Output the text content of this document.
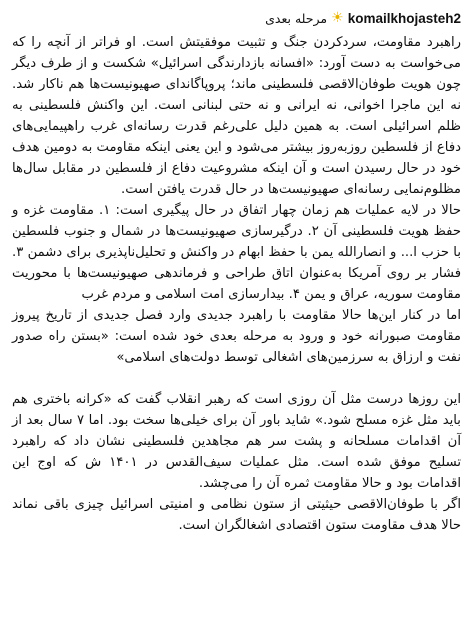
مرحله بعدی ☀ komailkhojasteh2

راهبرد مقاومت، سردکردن جنگ و تثبیت موفقیتش است. او فراتر از آنچه را که می‌خواست به دست آورد: «افسانه بازدارندگی اسرائیل» شکست و از طرف دیگر چون هویت طوفان‌الاقصی فلسطینی ماند؛ پروپاگاندای صهیونیست‌ها هم ناکار شد. نه این ماجرا اخوانی، نه ایرانی و نه حتی لبنانی است. این واکنش فلسطینی به ظلم اسرائیلی است. به همین دلیل علی‌رغم قدرت رسانه‌ای غرب راهپیمایی‌های دفاع از فلسطین روزبه‌روز بیشتر می‌شود و این یعنی اینکه مقاومت به دومین هدف خود در حال رسیدن است و آن اینکه مشروعیت دفاع از فلسطین در مقابل سال‌ها مظلوم‌نمایی رسانه‌ای صهیونیست‌ها در حال قدرت یافتن است.

حالا در لایه عملیات هم زمان چهار اتفاق در حال پیگیری است: ۱. مقاومت غزه و حفظ هویت فلسطینی آن ۲. درگیرسازی صهیونیست‌ها در شمال و جنوب فلسطین با حزب ا... و انصارالله یمن با حفظ ابهام در واکنش و تحلیل‌ناپذیری برای دشمن ۳. فشار بر روی آمریکا به‌عنوان اتاق طراحی و فرماندهی صهیونیست‌ها با محوریت مقاومت سوریه، عراق و یمن ۴. بیدارسازی امت اسلامی و مردم غرب

اما در کنار این‌ها حالا مقاومت با راهبرد جدیدی وارد فصل جدیدی از تاریخ پیروز مقاومت صبورانه خود و ورود به مرحله بعدی خود شده است: «بستن راه صدور نفت و ارزاق به سرزمین‌های اشغالی توسط دولت‌های اسلامی»

این روزها درست مثل آن روزی است که رهبر انقلاب گفت که «کرانه باختری هم باید مثل غزه مسلح شود.» شاید باور آن برای خیلی‌ها سخت بود. اما ۷ سال بعد از آن اقدامات مسلحانه و پشت سر هم مجاهدین فلسطینی نشان داد که راهبرد تسلیح موفق شده است. مثل عملیات سیف‌القدس در ۱۴۰۱ ش که اوج این اقدامات بود و حالا مقاومت ثمره آن را می‌چشد.

اگر با طوفان‌الاقصی حیثیتی از ستون نظامی و امنیتی اسرائیل چیزی باقی نماند حالا هدف مقاومت ستون اقتصادی اشغالگران است.
